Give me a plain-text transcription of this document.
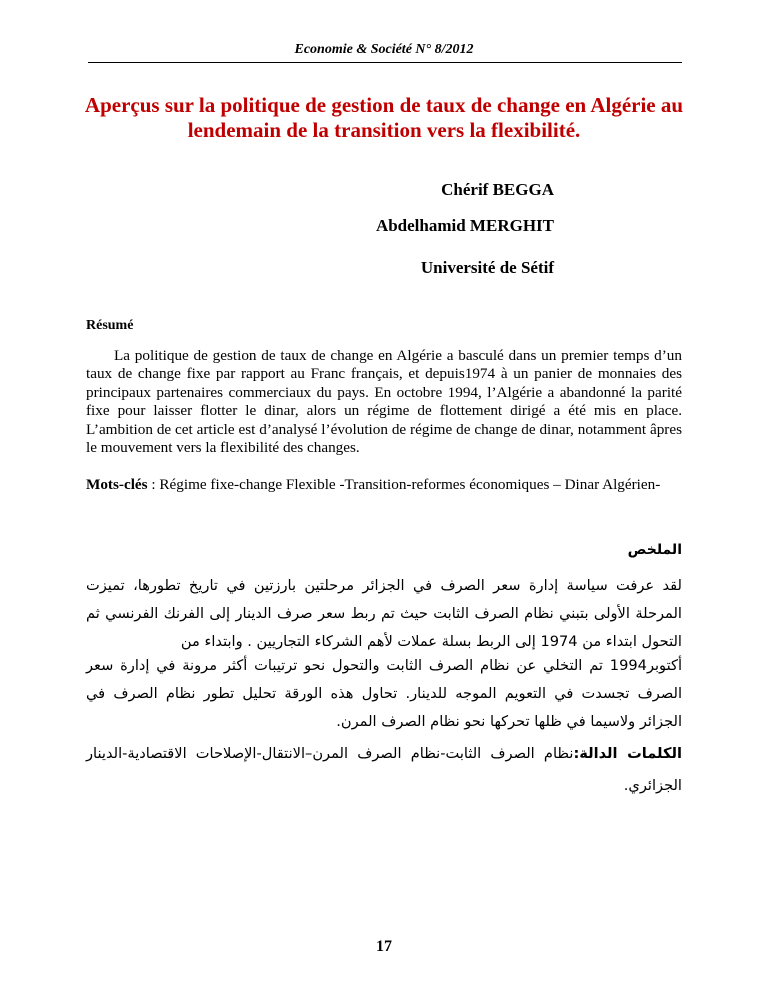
Economie & Société N° 8/2012
Aperçus sur la politique de gestion de taux de change en Algérie au lendemain de la transition vers la flexibilité.
Chérif BEGGA
Abdelhamid MERGHIT
Université de Sétif
Résumé
La politique de gestion de taux de change en Algérie a basculé dans un premier temps d’un taux de change fixe par rapport au Franc français, et depuis1974 à un panier de monnaies des principaux partenaires commerciaux du pays. En octobre 1994, l’Algérie a abandonné la parité fixe pour laisser flotter le dinar, alors un régime de flottement dirigé a été mis en place. L’ambition de cet article est d’analysé l’évolution de régime de change de dinar, notamment âpres le mouvement vers la flexibilité des changes.
Mots-clés : Régime fixe-change Flexible -Transition-reformes économiques – Dinar Algérien-
الملخص
لقد عرفت سياسة إدارة سعر الصرف في الجزائر مرحلتين بارزتين في تاريخ تطورها، تميزت المرحلة الأولى بتبني نظام الصرف الثابت حيث تم ربط سعر صرف الدينار إلى الفرنك الفرنسي ثم التحول ابتداء من 1974 إلى الربط بسلة عملات لأهم الشركاء التجاريين . وابتداء من
أكتوبر1994 تم التخلي عن نظام الصرف الثابت والتحول نحو ترتيبات أكثر مرونة في إدارة سعر الصرف تجسدت في التعويم الموجه للدينار. تحاول هذه الورقة تحليل تطور نظام الصرف في الجزائر ولاسيما في ظلها تحركها نحو نظام الصرف المرن.
الكلمات الدالة:نظام الصرف الثابت-نظام الصرف المرن–الانتقال-الإصلاحات الاقتصادية-الدينار الجزائري.
17
